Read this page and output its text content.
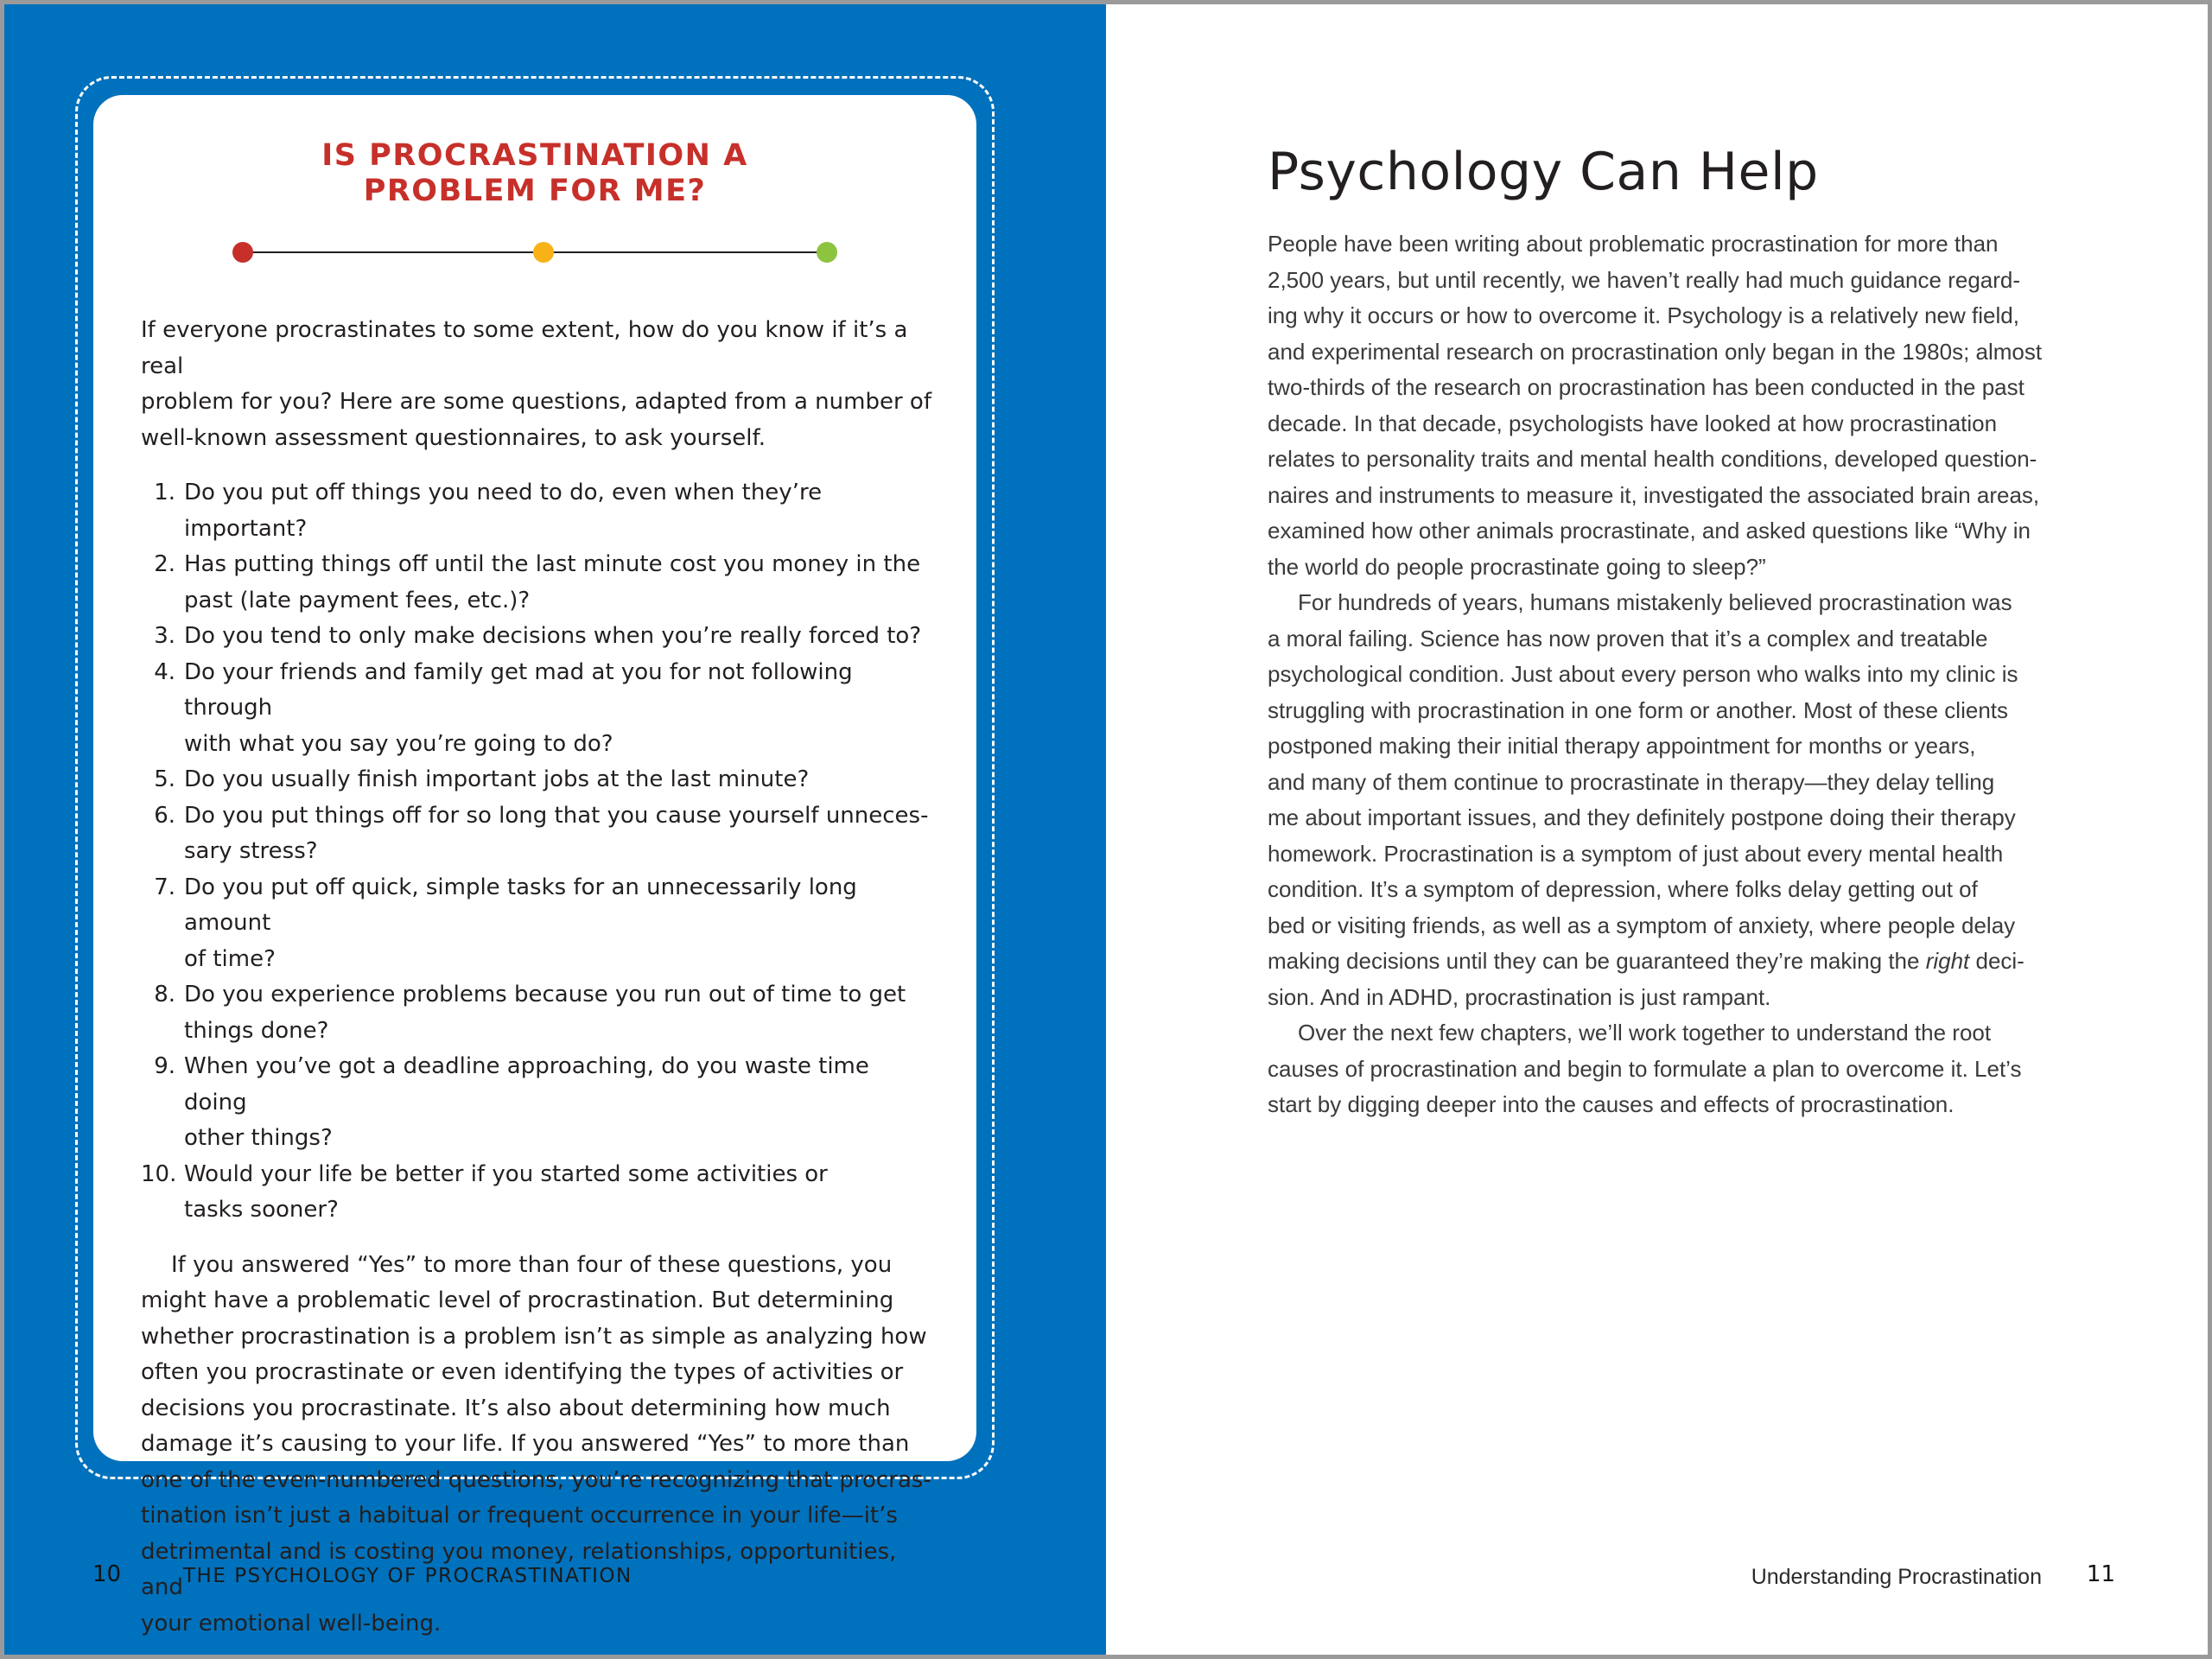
IS PROCRASTINATION A
PROBLEM FOR ME?

If everyone procrastinates to some extent, how do you know if it’s a real
problem for you? Here are some questions, adapted from a number of
well-known assessment questionnaires, to ask yourself.

1. Do you put off things you need to do, even when they’re important?
2. Has putting things off until the last minute cost you money in the
past (late payment fees, etc.)?
3. Do you tend to only make decisions when you’re really forced to?
4. Do your friends and family get mad at you for not following through
with what you say you’re going to do?
5. Do you usually finish important jobs at the last minute?
6. Do you put things off for so long that you cause yourself unneces-
sary stress?
7. Do you put off quick, simple tasks for an unnecessarily long amount
of time?
8. Do you experience problems because you run out of time to get
things done?
9. When you’ve got a deadline approaching, do you waste time doing
other things?
10. Would your life be better if you started some activities or
tasks sooner?

If you answered “Yes” to more than four of these questions, you
might have a problematic level of procrastination. But determining
whether procrastination is a problem isn’t as simple as analyzing how
often you procrastinate or even identifying the types of activities or
decisions you procrastinate. It’s also about determining how much
damage it’s causing to your life. If you answered “Yes” to more than
one of the even-numbered questions, you’re recognizing that procras-
tination isn’t just a habitual or frequent occurrence in your life—it’s
detrimental and is costing you money, relationships, opportunities, and
your emotional well-being.

10	THE PSYCHOLOGY OF PROCRASTINATION
Psychology Can Help

People have been writing about problematic procrastination for more than
2,500 years, but until recently, we haven’t really had much guidance regard-
ing why it occurs or how to overcome it. Psychology is a relatively new field,
and experimental research on procrastination only began in the 1980s; almost
two-thirds of the research on procrastination has been conducted in the past
decade. In that decade, psychologists have looked at how procrastination
relates to personality traits and mental health conditions, developed question-
naires and instruments to measure it, investigated the associated brain areas,
examined how other animals procrastinate, and asked questions like “Why in
the world do people procrastinate going to sleep?”

For hundreds of years, humans mistakenly believed procrastination was
a moral failing. Science has now proven that it’s a complex and treatable
psychological condition. Just about every person who walks into my clinic is
struggling with procrastination in one form or another. Most of these clients
postponed making their initial therapy appointment for months or years,
and many of them continue to procrastinate in therapy—they delay telling
me about important issues, and they definitely postpone doing their therapy
homework. Procrastination is a symptom of just about every mental health
condition. It’s a symptom of depression, where folks delay getting out of
bed or visiting friends, as well as a symptom of anxiety, where people delay
making decisions until they can be guaranteed they’re making the right deci-
sion. And in ADHD, procrastination is just rampant.

Over the next few chapters, we’ll work together to understand the root
causes of procrastination and begin to formulate a plan to overcome it. Let’s
start by digging deeper into the causes and effects of procrastination.

Understanding Procrastination 11
